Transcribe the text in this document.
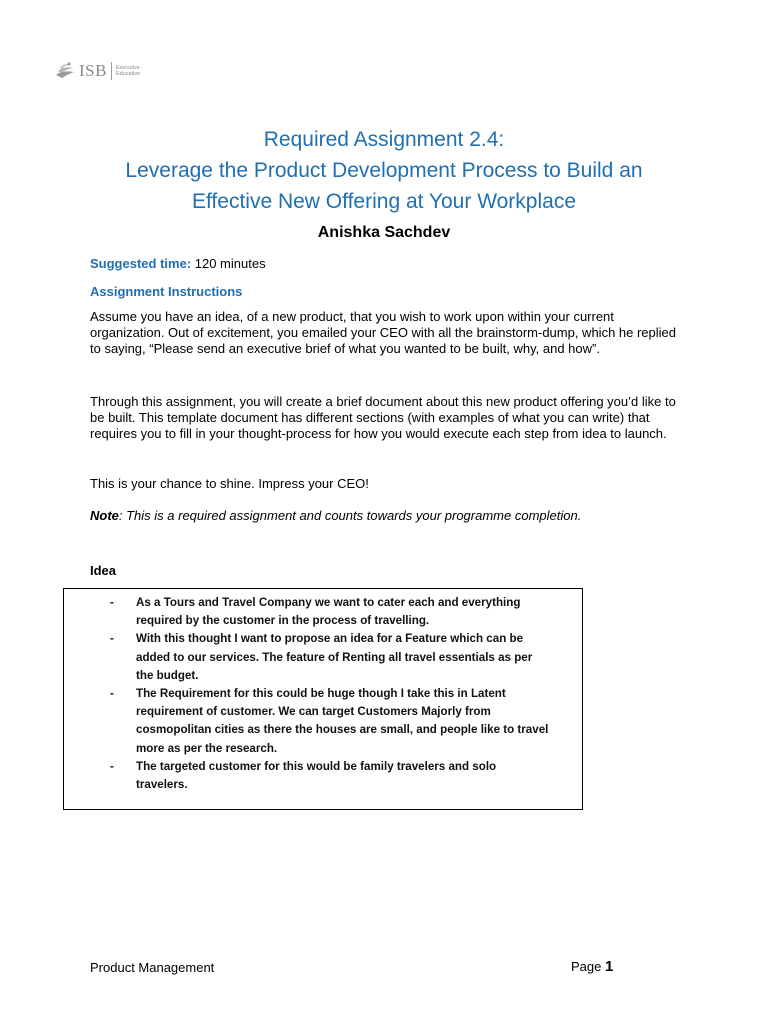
ISB Executive
Education
Required Assignment 2.4:
Leverage the Product Development Process to Build an
Effective New Offering at Your Workplace
Anishka Sachdev
Suggested time: 120 minutes
Assignment Instructions
Assume you have an idea, of a new product, that you wish to work upon within your current organization. Out of excitement, you emailed your CEO with all the brainstorm-dump, which he replied to saying, “Please send an executive brief of what you wanted to be built, why, and how”.
Through this assignment, you will create a brief document about this new product offering you’d like to be built. This template document has different sections (with examples of what you can write) that requires you to fill in your thought-process for how you would execute each step from idea to launch.
This is your chance to shine. Impress your CEO!
Note: This is a required assignment and counts towards your programme completion.
Idea
- As a Tours and Travel Company we want to cater each and everything required by the customer in the process of travelling.
- With this thought I want to propose an idea for a Feature which can be added to our services. The feature of Renting all travel essentials as per the budget.
- The Requirement for this could be huge though I take this in Latent requirement of customer. We can target Customers Majorly from cosmopolitan cities as there the houses are small, and people like to travel more as per the research.
- The targeted customer for this would be family travelers and solo travelers.
Product Management	Page 1
